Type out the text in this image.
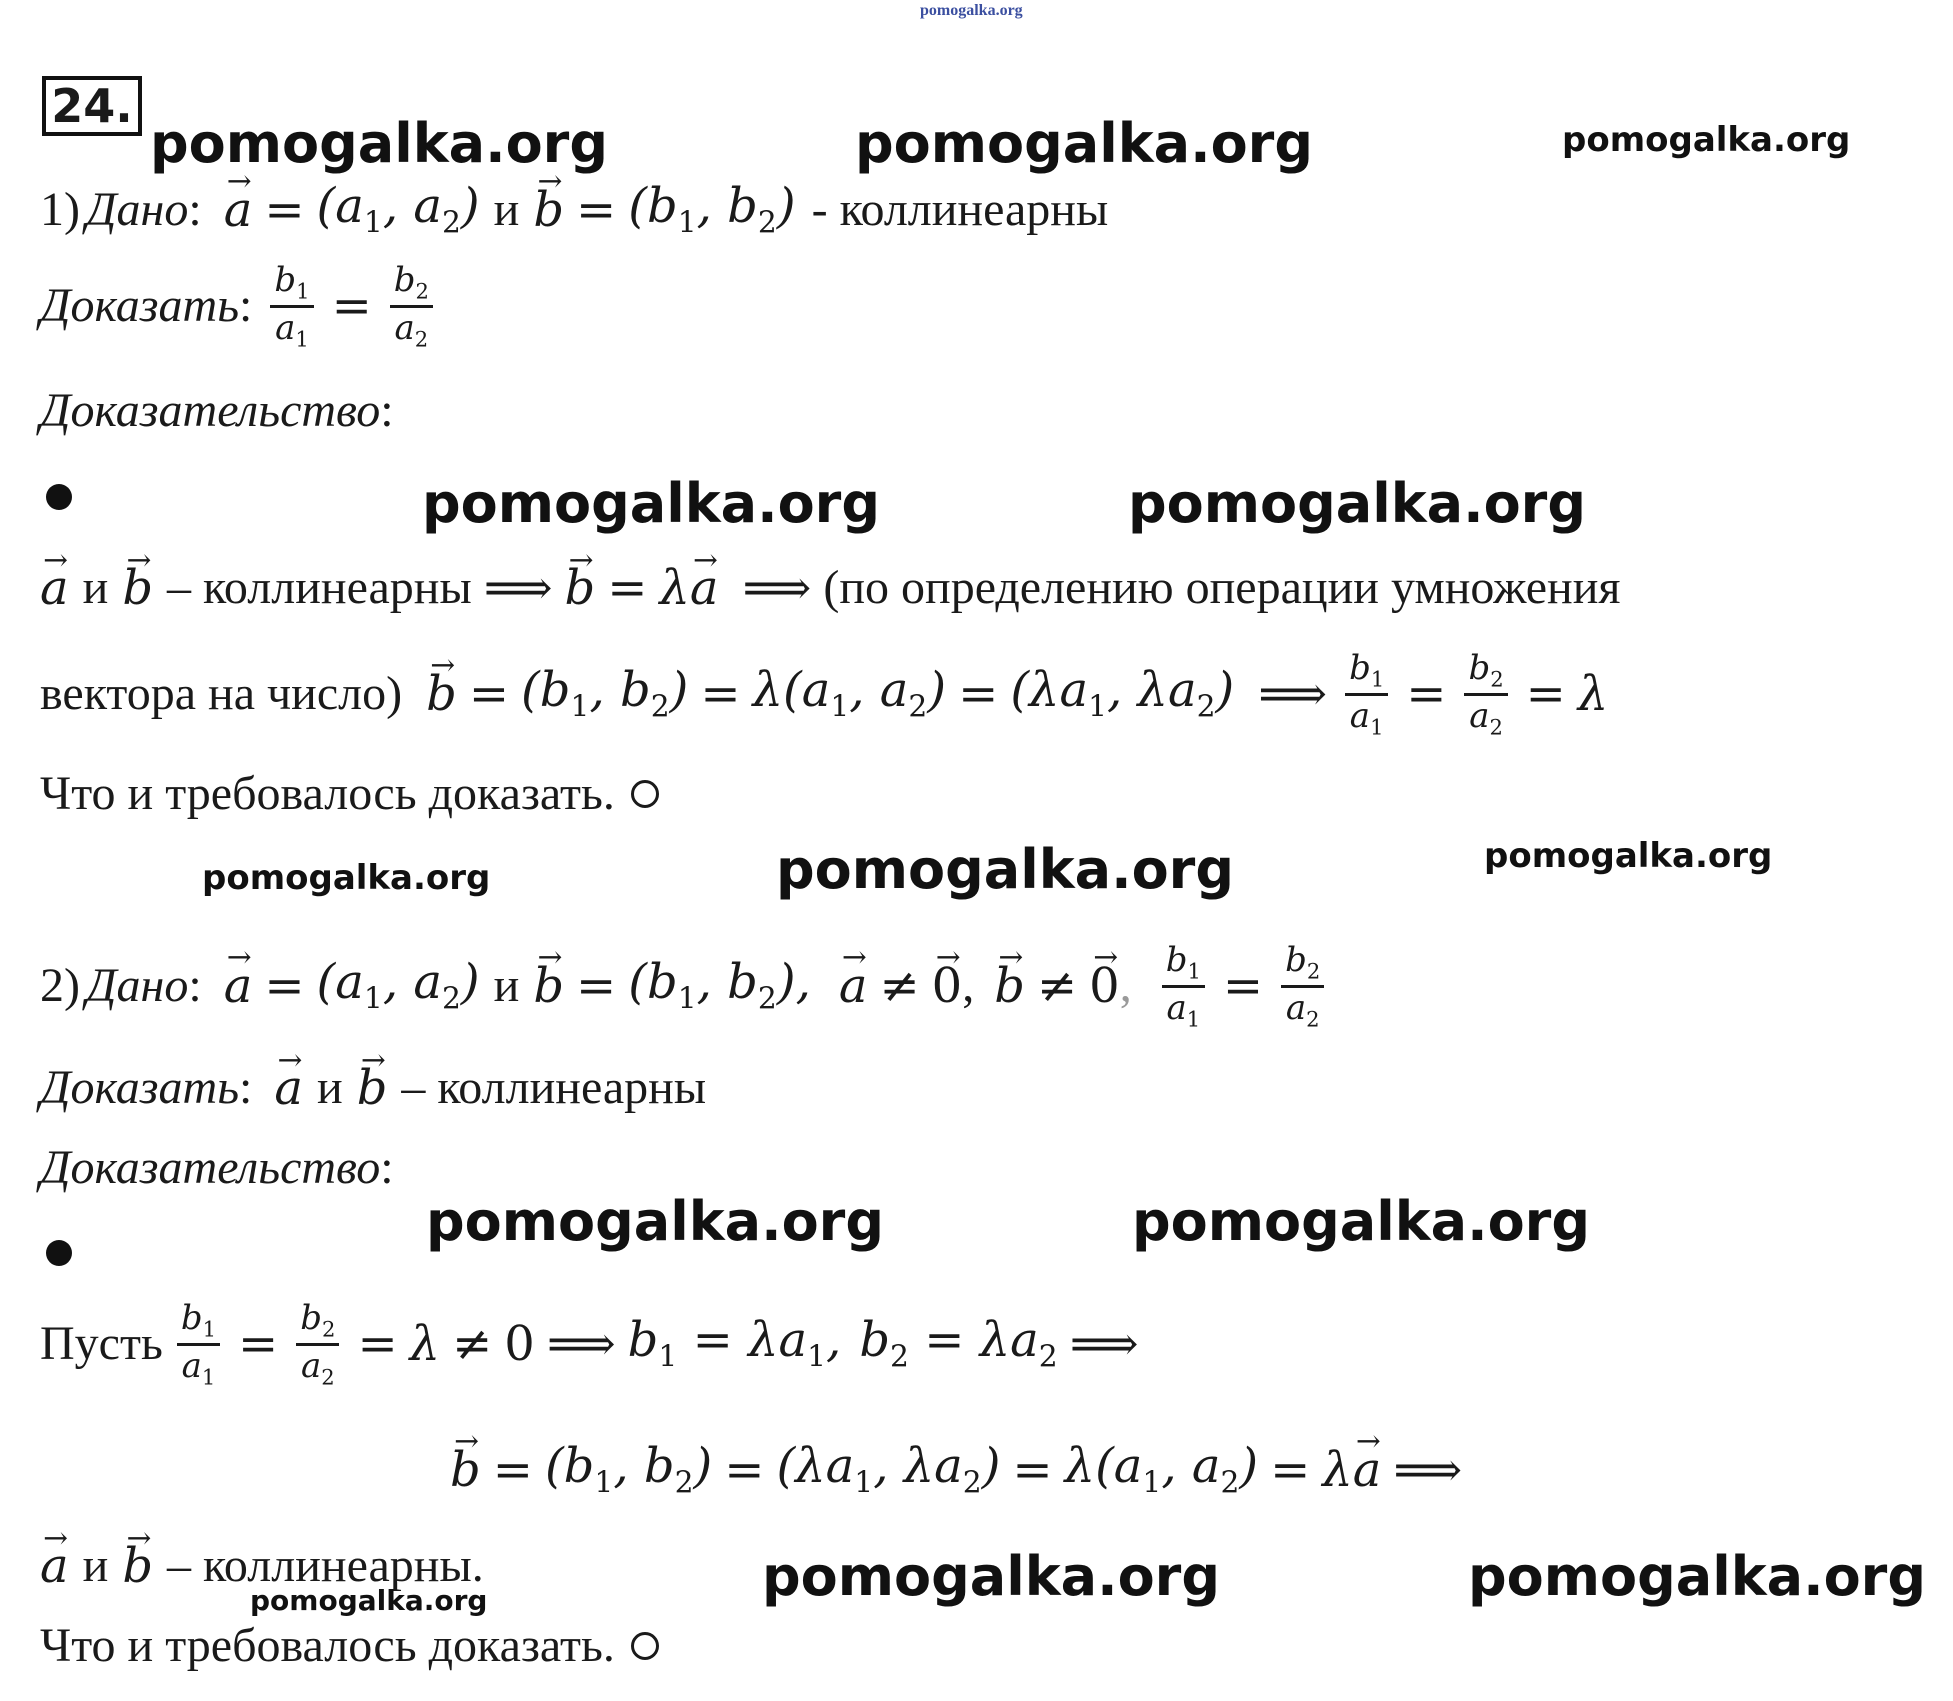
pomogalka.org
24.
pomogalka.org	pomogalka.org	pomogalka.org
1) Дано :
→ $a = (a_1$, $a_2$) и
→ $b = (b_1$, $b_2$) - коллинеарны
Доказать : $\frac{b_1}{a_1} = \frac{b_2}{a_2}$
Доказательство :
pomogalka.org	pomogalka.org
→ a и
→ b – коллинеарны ⟹
→ b = λ
→ a ⟹ (по определению операции умножения
вектора на число)
→ $b = (b_1$, $b_2) = \lambda(a_1$, $a_2) = (\lambda a_1$, $\lambda a_2$) ⟹ $\frac{b_1}{a_1} = \frac{b_2}{a_2} = \lambda$
Что и требовалось доказать.
pomogalka.org	pomogalka.org	pomogalka.org
2) Дано :
→ $a = (a_1$, $a_2$) и
→ $b = (b_1$, $b_2$),
→ a ≠
→ 0 ,
→ b ≠
→ 0 , $\frac{b_1}{a_1} = \frac{b_2}{a_2}$
Доказать :
→ a и
→ b – коллинеарны
Доказательство :
pomogalka.org	pomogalka.org
Пусть $\frac{b_1}{a_1} = \frac{b_2}{a_2} = \lambda \ne 0$ ⟹ $b_1 = \lambda a_1$, $b_2 = \lambda a_2$ ⟹
→ $b = (b_1$, $b_2) = (\lambda a_1$, $\lambda a_2) = \lambda(a_1$, $a_2) = \lambda$
→ a ⟹
→ a и
→ b – коллинеарны.	pomogalka.org	pomogalka.org
pomogalka.org
Что и требовалось доказать.
